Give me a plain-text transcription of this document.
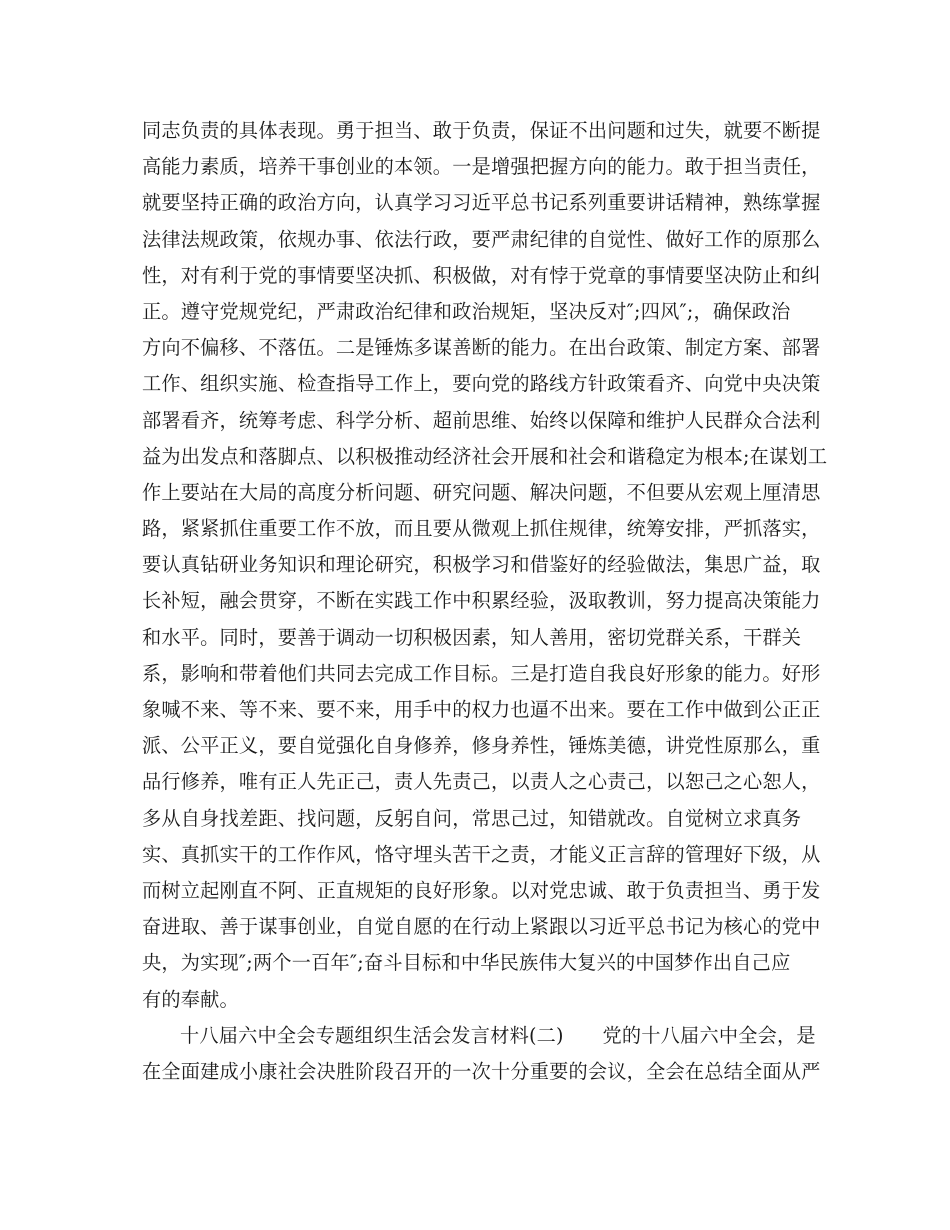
同志负责的具体表现。勇于担当、敢于负责，保证不出问题和过失，就要不断提
高能力素质，培养干事创业的本领。一是增强把握方向的能力。敢于担当责任，
就要坚持正确的政治方向，认真学习习近平总书记系列重要讲话精神，熟练掌握
法律法规政策，依规办事、依法行政，要严肃纪律的自觉性、做好工作的原那么
性，对有利于党的事情要坚决抓、积极做，对有悖于党章的事情要坚决防止和纠
正。遵守党规党纪，严肃政治纪律和政治规矩，坚决反对″;四风″;，确保政治
方向不偏移、不落伍。二是锤炼多谋善断的能力。在出台政策、制定方案、部署
工作、组织实施、检查指导工作上，要向党的路线方针政策看齐、向党中央决策
部署看齐，统筹考虑、科学分析、超前思维、始终以保障和维护人民群众合法利
益为出发点和落脚点、以积极推动经济社会开展和社会和谐稳定为根本;在谋划工
作上要站在大局的高度分析问题、研究问题、解决问题，不但要从宏观上厘清思
路，紧紧抓住重要工作不放，而且要从微观上抓住规律，统筹安排，严抓落实，
要认真钻研业务知识和理论研究，积极学习和借鉴好的经验做法，集思广益，取
长补短，融会贯穿，不断在实践工作中积累经验，汲取教训，努力提高决策能力
和水平。同时，要善于调动一切积极因素，知人善用，密切党群关系，干群关
系，影响和带着他们共同去完成工作目标。三是打造自我良好形象的能力。好形
象喊不来、等不来、要不来，用手中的权力也逼不出来。要在工作中做到公正正
派、公平正义，要自觉强化自身修养，修身养性，锤炼美德，讲党性原那么，重
品行修养，唯有正人先正己，责人先责己，以责人之心责己，以恕己之心恕人，
多从自身找差距、找问题，反躬自问，常思己过，知错就改。自觉树立求真务
实、真抓实干的工作作风，恪守埋头苦干之责，才能义正言辞的管理好下级，从
而树立起刚直不阿、正直规矩的良好形象。以对党忠诚、敢于负责担当、勇于发
奋进取、善于谋事创业，自觉自愿的在行动上紧跟以习近平总书记为核心的党中
央，为实现″;两个一百年″;奋斗目标和中华民族伟大复兴的中国梦作出自己应
有的奉献。
十八届六中全会专题组织生活会发言材料(二)　　党的十八届六中全会，是
在全面建成小康社会决胜阶段召开的一次十分重要的会议，全会在总结全面从严
